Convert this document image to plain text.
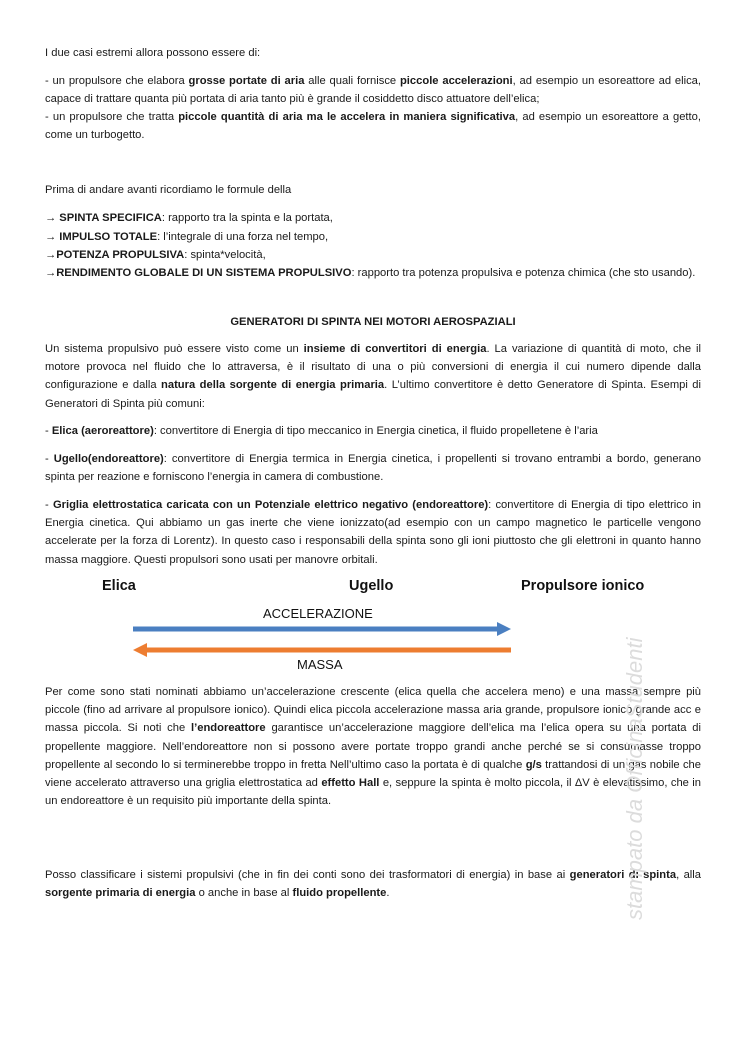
I due casi estremi allora possono essere di:

- un propulsore che elabora grosse portate di aria alle quali fornisce piccole accelerazioni, ad esempio un esoreattore ad elica, capace di trattare quanta più portata di aria tanto più è grande il cosiddetto disco attuatore dell’elica;

- un propulsore che tratta piccole quantità di aria ma le accelera in maniera significativa, ad esempio un esoreattore a getto, come un turbogetto.

Prima di andare avanti ricordiamo le formule della

→ SPINTA SPECIFICA: rapporto tra la spinta e la portata,

→ IMPULSO TOTALE: l’integrale di una forza nel tempo,

→POTENZA PROPULSIVA: spinta*velocità,

→RENDIMENTO GLOBALE DI UN SISTEMA PROPULSIVO: rapporto tra potenza propulsiva e potenza chimica (che sto usando).

GENERATORI DI SPINTA NEI MOTORI AEROSPAZIALI

Un sistema propulsivo può essere visto come un insieme di convertitori di energia. La variazione di quantità di moto, che il motore provoca nel fluido che lo attraversa, è il risultato di una o più conversioni di energia il cui numero dipende dalla configurazione e dalla natura della sorgente di energia primaria. L’ultimo convertitore è detto Generatore di Spinta. Esempi di Generatori di Spinta più comuni:

- Elica (aeroreattore): convertitore di Energia di tipo meccanico in Energia cinetica, il fluido propelletene è l’aria

- Ugello(endoreattore): convertitore di Energia termica in Energia cinetica, i propellenti si trovano entrambi a bordo, generano spinta per reazione e forniscono l’energia in camera di combustione.

- Griglia elettrostatica caricata con un Potenziale elettrico negativo (endoreattore): convertitore di Energia di tipo elettrico in Energia cinetica. Qui abbiamo un gas inerte che viene ionizzato(ad esempio con un campo magnetico le particelle vengono accelerate per la forza di Lorentz). In questo caso i responsabili della spinta sono gli ioni piuttosto che gli elettroni in quanto hanno massa maggiore. Questi propulsori sono usati per manovre orbitali.

Elica	Ugello	Propulsore ionico
ACCELERAZIONE
MASSA

Per come sono stati nominati abbiamo un’accelerazione crescente (elica quella che accelera meno) e una massa sempre più piccole (fino ad arrivare al propulsore ionico). Quindi elica piccola accelerazione massa aria grande, propulsore ionico grande acc e massa piccola. Si noti che l’endoreattore garantisce un’accelerazione maggiore dell’elica ma l’elica opera su una portata di propellente maggiore. Nell’endoreattore non si possono avere portate troppo grandi anche perché se si consumasse troppo propellente al secondo lo si terminerebbe troppo in fretta Nell’ultimo caso la portata è di qualche g/s trattandosi di un gas nobile che viene accelerato attraverso una griglia elettrostatica ad effetto Hall e, seppure la spinta è molto piccola, il ΔV è elevatissimo, che in un endoreattore è un requisito più importante della spinta.

Posso classificare i sistemi propulsivi (che in fin dei conti sono dei trasformatori di energia) in base ai generatori di spinta, alla sorgente primaria di energia o anche in base al fluido propellente.	stampato da OfficinaStudenti
